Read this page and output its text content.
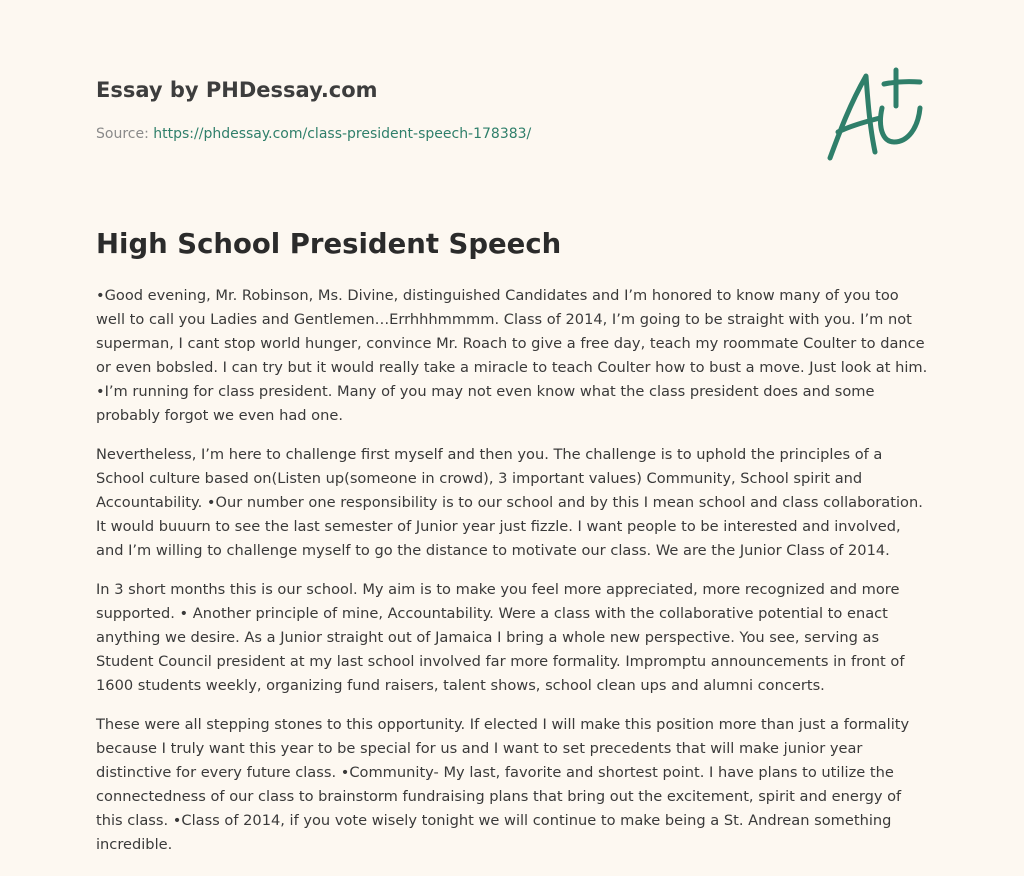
Essay by PHDessay.com
Source: https://phdessay.com/class-president-speech-178383/
High School President Speech

•Good evening, Mr. Robinson, Ms. Divine, distinguished Candidates and I’m honored to know many of you too well to call you Ladies and Gentlemen…Errhhhmmmm. Class of 2014, I’m going to be straight with you. I’m not superman, I cant stop world hunger, convince Mr. Roach to give a free day, teach my roommate Coulter to dance or even bobsled. I can try but it would really take a miracle to teach Coulter how to bust a move. Just look at him. •I’m running for class president. Many of you may not even know what the class president does and some probably forgot we even had one.

Nevertheless, I’m here to challenge first myself and then you. The challenge is to uphold the principles of a School culture based on(Listen up(someone in crowd), 3 important values) Community, School spirit and Accountability. •Our number one responsibility is to our school and by this I mean school and class collaboration. It would buuurn to see the last semester of Junior year just fizzle. I want people to be interested and involved, and I’m willing to challenge myself to go the distance to motivate our class. We are the Junior Class of 2014.

In 3 short months this is our school. My aim is to make you feel more appreciated, more recognized and more supported. • Another principle of mine, Accountability. Were a class with the collaborative potential to enact anything we desire. As a Junior straight out of Jamaica I bring a whole new perspective. You see, serving as Student Council president at my last school involved far more formality. Impromptu announcements in front of 1600 students weekly, organizing fund raisers, talent shows, school clean ups and alumni concerts.

These were all stepping stones to this opportunity. If elected I will make this position more than just a formality because I truly want this year to be special for us and I want to set precedents that will make junior year distinctive for every future class. •Community- My last, favorite and shortest point. I have plans to utilize the connectedness of our class to brainstorm fundraising plans that bring out the excitement, spirit and energy of this class. •Class of 2014, if you vote wisely tonight we will continue to make being a St. Andrean something incredible.
